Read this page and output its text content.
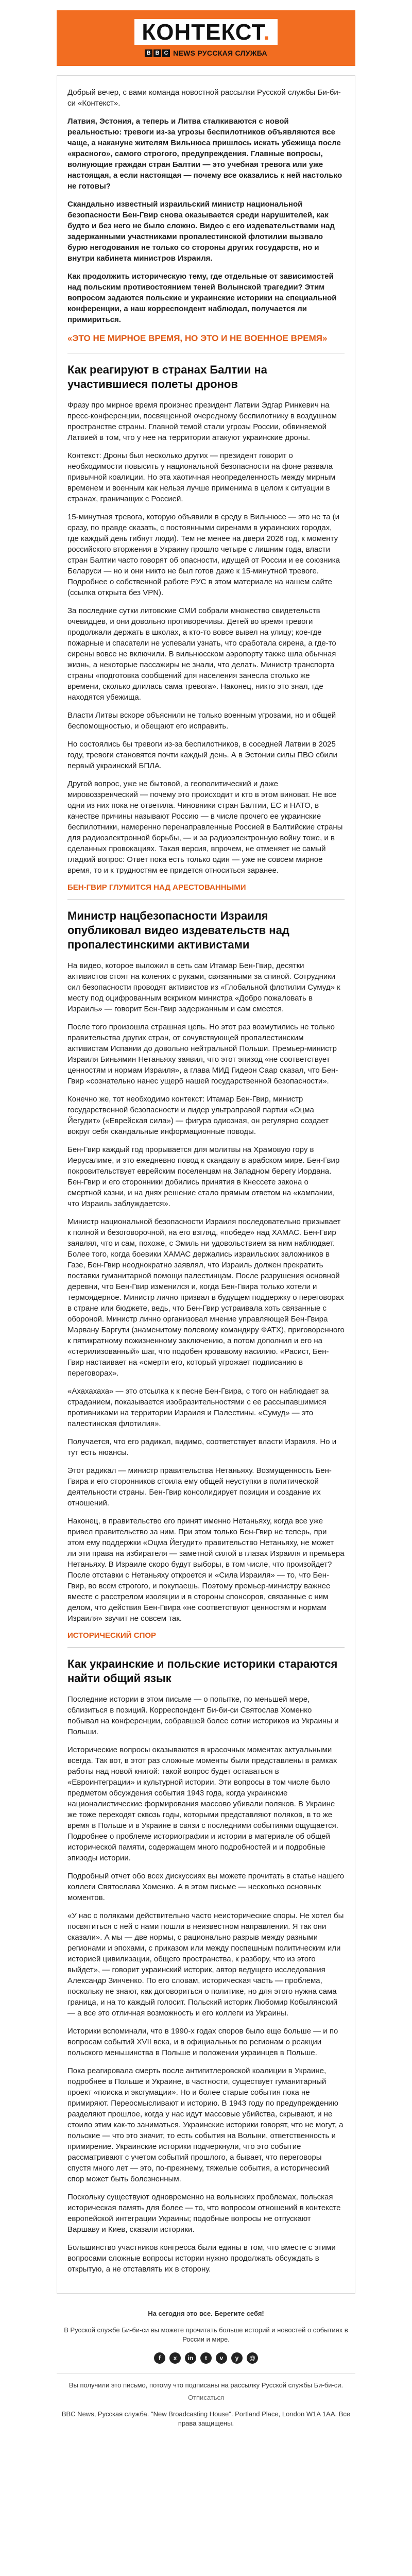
КОНТЕКСТ.
B B C NEWS РУССКАЯ СЛУЖБА

Добрый вечер, с вами команда новостной рассылки Русской службы Би-би-си «Контекст».

Латвия, Эстония, а теперь и Литва сталкиваются с новой реальностью: тревоги из-за угрозы беспилотников объявляются все чаще, а накануне жителям Вильнюса пришлось искать убежища после «красного», самого строгого, предупреждения. Главные вопросы, волнующие граждан стран Балтии — это учебная тревога или уже настоящая, а если настоящая — почему все оказались к ней настолько не готовы?

Скандально известный израильский министр национальной безопасности Бен-Гвир снова оказывается среди нарушителей, как будто и без него не было сложно. Видео с его издевательствами над задержанными участниками пропалестинской флотилии вызвало бурю негодования не только со стороны других государств, но и внутри кабинета министров Израиля.

Как продолжить историческую тему, где отдельные от зависимостей над польским противостоянием теней Волынской трагедии? Этим вопросом задаются польские и украинские историки на специальной конференции, а наш корреспондент наблюдал, получается ли примириться.

«ЭТО НЕ МИРНОЕ ВРЕМЯ, НО ЭТО И НЕ ВОЕННОЕ ВРЕМЯ»
Как реагируют в странах Балтии на участившиеся полеты дронов

Фразу про мирное время произнес президент Латвии Эдгар Ринкевич на пресс-конференции, посвященной очередному беспилотнику в воздушном пространстве страны. Главной темой стали угрозы России, обвиняемой Латвией в том, что у нее на территории атакуют украинские дроны.

Контекст: Дроны был несколько других — президент говорит о необходимости повысить у национальной безопасности на фоне развала привычной коалиции. Но эта хаотичная неопределенность между мирным временем и военным как нельзя лучше применима в целом к ситуации в странах, граничащих с Россией.

15-минутная тревога, которую объявили в среду в Вильнюсе — это не та (и сразу, по правде сказать, с постоянными сиренами в украинских городах, где каждый день гибнут люди). Тем не менее на двери 2026 год, к моменту российского вторжения в Украину прошло четыре с лишним года, власти стран Балтии часто говорят об опасности, идущей от России и ее союзника Беларуси — но и они никто не был готов даже к 15-минутной тревоге. Подробнее о собственной работе РУС в этом материале на нашем сайте (ссылка открыта без VPN).

За последние сутки литовские СМИ собрали множество свидетельств очевидцев, и они довольно противоречивы. Детей во время тревоги продолжали держать в школах, а кто-то вовсе вывел на улицу; кое-где пожарные и спасатели не успевали узнать, что сработала сирена, а где-то сирены вовсе не включили. В вильнюсском аэропорту также шла обычная жизнь, а некоторые пассажиры не знали, что делать. Министр транспорта страны «подготовка сообщений для населения занесла столько же времени, сколько длилась сама тревога». Наконец, никто это знал, где находятся убежища.

Власти Литвы вскоре объяснили не только военным угрозами, но и общей беспомощностью, и обещают его исправить.

Но состоялись бы тревоги из-за беспилотников, в соседней Латвии в 2025 году, тревоги становятся почти каждый день. А в Эстонии силы ПВО сбили первый украинский БПЛА.

Другой вопрос, уже не бытовой, а геополитический и даже мировоззренческий — почему это происходит и кто в этом виноват. Не все одни из них пока не ответила. Чиновники стран Балтии, ЕС и НАТО, в качестве причины называют Россию — в числе прочего ее украинские беспилотники, намеренно перенаправленные Россией в Балтийские страны для радиоэлектронной борьбы, — и за радиоэлектронную войну тоже, и в сделанных провокациях. Такая версия, впрочем, не отменяет не самый гладкий вопрос: Ответ пока есть только один — уже не совсем мирное время, то и к трудностям ее придется относиться заранее.

БЕН-ГВИР ГЛУМИТСЯ НАД АРЕСТОВАННЫМИ
Министр нацбезопасности Израиля опубликовал видео издевательств над пропалестинскими активистами

На видео, которое выложил в сеть сам Итамар Бен-Гвир, десятки активистов стоят на коленях с руками, связанными за спиной. Сотрудники сил безопасности проводят активистов из «Глобальной флотилии Сумуд» к месту под оцифрованным вскриком министра «Добро пожаловать в Израиль» — говорит Бен-Гвир задержанным и сам смеется.

После того произошла страшная цепь. Но этот раз возмутились не только правительства других стран, от сочувствующей пропалестинским активистам Испании до довольно нейтральной Польши. Премьер-министр Израиля Биньямин Нетаньяху заявил, что этот эпизод «не соответствует ценностям и нормам Израиля», а глава МИД Гидеон Саар сказал, что Бен-Гвир «сознательно нанес ущерб нашей государственной безопасности».

Конечно же, тот необходимо контекст: Итамар Бен-Гвир, министр государственной безопасности и лидер ультраправой партии «Оцма Йегудит» («Еврейская сила») — фигура одиозная, он регулярно создает вокруг себя скандальные информационные поводы.

Бен-Гвир каждый год прорывается для молитвы на Храмовую гору в Иерусалиме, и это ежедневно повод к скандалу в арабском мире. Бен-Гвир покровительствует еврейским поселенцам на Западном берегу Иордана. Бен-Гвир и его сторонники добились принятия в Кнессете закона о смертной казни, и на днях решение стало прямым ответом на «кампании, что Израиль заблуждается».

Министр национальной безопасности Израиля последовательно призывает к полной и безоговорочной, на его взгляд, «победе» над ХАМАС. Бен-Гвир заявлял, что и сам, похоже, с Эмиль ни удовольствием за ним наблюдает. Более того, когда боевики ХАМАС держались израильских заложников в Газе, Бен-Гвир неоднократно заявлял, что Израиль должен прекратить поставки гуманитарной помощи палестинцам. После разрушения основной деревни, что Бен-Гвир изменился и, когда Бен-Гвира только хотели и термоядерное. Министр лично призвал в будущем поддержку о переговорах в стране или бюджете, ведь, что Бен-Гвир устраивала хоть связанные с обороной. Министр лично организовал мнение управляющей Бен-Гвира Марвану Баргути (знаменитому полевому командиру ФАТХ), приговоренного к пятикратному пожизненному заключению, а потом дополнил и его на «стерилизованный» шаг, что подобен кровавому насилию. «Расист, Бен-Гвир настаивает на «смерти его, который угрожает подписанию в переговорах».

«Ахахахаха» — это отсылка к к песне Бен-Гвира, с того он наблюдает за страданием, показывается изобразительностями с ее рассыпавшимися противниками на территории Израиля и Палестины. «Сумуд» — это палестинская флотилия».

Получается, что его радикал, видимо, соответствует власти Израиля. Но и тут есть нюансы.

Этот радикал — министр правительства Нетаньяху. Возмущенность Бен-Гвира и его сторонников стоила ему общей неуступки в политической деятельности страны. Бен-Гвир консолидирует позиции и создание их отношений.

Наконец, в правительство его принят именно Нетаньяху, когда все уже привел правительство за ним. При этом только Бен-Гвир не теперь, при этом ему поддержки «Оцма Йегудит» правительство Нетаньяху, не может ли эти права на избирателя — заметной силой в глазах Израиля и премьера Нетаньяху. В Израиле скоро будут выборы, в том числе, что произойдет? После отставки с Нетаньяху откроется и «Сила Израиля» — то, что Бен-Гвир, во всем строгого, и покупаешь. Поэтому премьер-министру важнее вместе с расстрелом изоляции и в стороны спонсоров, связанные с ним делом, что действия Бен-Гвира «не соответствуют ценностям и нормам Израиля» звучит не совсем так.

ИСТОРИЧЕСКИЙ СПОР
Как украинские и польские историки стараются найти общий язык

Последние истории в этом письме — о попытке, по меньшей мере, сблизиться в позиций. Корреспондент Би-би-си Святослав Хоменко побывал на конференции, собравшей более сотни историков из Украины и Польши.

Исторические вопросы оказываются в красочных моментах актуальными всегда. Так вот, в этот раз сложные моменты были представлены в рамках работы над новой книгой: такой вопрос будет оставаться в «Евроинтеграции» и культурной истории. Эти вопросы в том числе было предметом обсуждения события 1943 года, когда украинские националистические формирования массово убивали поляков. В Украине же тоже переходят сквозь годы, которыми представляют поляков, в то же время в Польше и в Украине в связи с последними событиями ощущается. Подробнее о проблеме историографии и истории в материале об общей исторической памяти, содержащем много подробностей и и подробные эпизоды истории.

Подробный отчет обо всех дискуссиях вы можете прочитать в статье нашего коллеги Святослава Хоменко. А в этом письме — несколько основных моментов.

«У нас с поляками действительно часто неисторические споры. Не хотел бы посвятиться с ней с нами пошли в неизвестном направлении. Я так они сказали». А мы — две нормы, с рационально разрыв между разными регионами и эпохами, с приказом или между поспешным политическим или историей цивилизации, общего пространства, к разбору, что из этого выйдет», — говорит украинский историк, автор ведущего исследования Александр Зинченко. По его словам, историческая часть — проблема, поскольку не знают, как договориться о политике, но для этого нужна сама граница, и на то каждый голосит. Польский историк Любомир Кобылянский — а все это отличная возможность и его коллеги из Украины.

Историки вспоминали, что в 1990-х годах споров было еще больше — и по вопросам событий XVII века, и в официальных по регионам о реакции польского меньшинства в Польше и положении украинцев в Польше.

Пока реагировала смерть после антигитлеровской коалиции в Украине, подробнее в Польше и Украине, в частности, существует гуманитарный проект «поиска и эксгумации». Но и более старые события пока не примиряют. Переосмысливают и историю. В 1943 году по предупреждению разделяют прошлое, когда у нас идут массовые убийства, скрывают, и не стоило этим как-то заниматься. Украинские историки говорят, что не могут, а польские — что это значит, то есть события на Волыни, ответственность и примирение. Украинские историки подчеркнули, что это событие рассматривают с учетом событий прошлого, а бывает, что переговоры спустя много лет — это, по-прежнему, тяжелые события, а исторический спор может быть болезненным.

Поскольку существуют одновременно на волынских проблемах, польская историческая память для более — то, что вопросом отношений в контексте европейской интеграции Украины; подобные вопросы не отпускают Варшаву и Киев, сказали историки.

Большинство участников конгресса были едины в том, что вместе с этими вопросами сложные вопросы истории нужно продолжать обсуждать в открытую, а не отставлять их в сторону.

На сегодня это все. Берегите себя!

В Русской службе Би-би-си вы можете прочитать больше историй и новостей о событиях в России и мире.

f	x	in	t	v	y	@

Вы получили это письмо, потому что подписаны на рассылку Русской службы Би-би-си.

Отписаться

BBC News, Русская служба. "New Broadcasting House". Portland Place, London W1A 1AA. Все права защищены.
